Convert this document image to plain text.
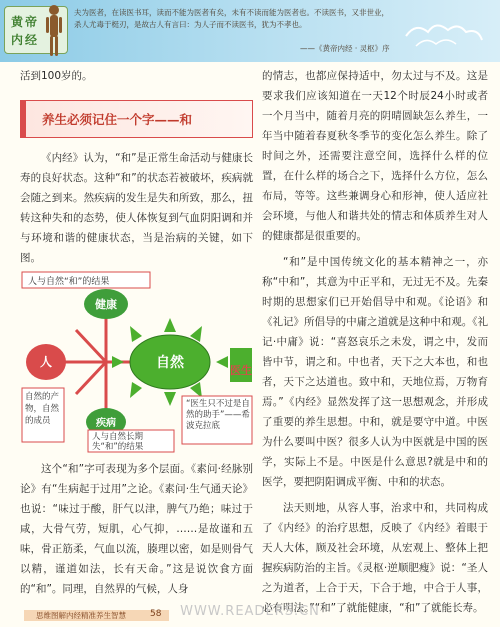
黄帝
内经
夫为医者，在读医书耳，读而不能为医者有矣，未有不读而能为医者也。不读医书，又非世业，杀人尤毒于梃刃，是故古人有言曰：为人子而不读医书，犹为不孝也。
——《黄帝内经 · 灵枢》序

活到100岁的。

养生必须记住一个字——和

《内经》认为，“和”是正常生命活动与健康长寿的良好状态。这种“和”的状态若被破坏，疾病就会随之到来。然疾病的发生是失和所致，那么，扭转这种失和的态势，使人体恢复到气血阴阳调和并与环境和谐的健康状态，当是治病的关键，如下图。

人与自然“和”的结果
健康
人	自然	医生
疾病
自然的产物，自然的成员
“医生只不过是自然的助手”——希波克拉底
人与自然长期失“和”的结果

这个“和”字可表现为多个层面。《素问·经脉别论》有“生病起于过用”之论。《素问·生气通天论》也说：“味过于酸，肝气以津，脾气乃绝；味过于咸，大骨气劳，短肌，心气抑，……是故谨和五味，骨正筋柔，气血以流，腠理以密，如是则骨气以精，谨道如法，长有天命。”这是说饮食方面的“和”。同理，自然界的气候，人身

的情志，也都应保持适中，勿太过与不及。这是要求我们应该知道在一天12个时辰24小时或者一个月当中，随着月亮的阴晴圆缺怎么养生，一年当中随着春夏秋冬季节的变化怎么养生。除了时间之外，还需要注意空间，选择什么样的位置，在什么样的场合之下，选择什么方位，怎么布局，等等。这些兼调身心和形神，使人适应社会环境，与他人和谐共处的情志和体质养生对人的健康都是很重要的。

“和”是中国传统文化的基本精神之一，亦称“中和”，其意为中正平和，无过无不及。先秦时期的思想家们已开始倡导中和观。《论语》和《礼记》所倡导的中庸之道就是这种中和观。《礼记·中庸》说：“喜怒哀乐之未发，谓之中，发而皆中节，谓之和。中也者，天下之大本也，和也者，天下之达道也。致中和，天地位焉，万物育焉。”《内经》显然发挥了这一思想观念，并形成了重要的养生思想。中和，就是要守中道。中医为什么要叫中医？很多人认为中医就是中国的医学，实际上不是。中医是什么意思?就是中和的医学，要把阴阳调成平衡、中和的状态。

法天则地，从容人事，治求中和，共同构成了《内经》的治疗思想，反映了《内经》着眼于天人大体，顾及社会环境，从宏观上、整体上把握疾病防治的主旨。《灵枢·逆顺肥瘦》说：“圣人之为道者，上合于天，下合于地，中合于人事，必有明法。”“和”了就能健康，“和”了就能长寿。

思维图解内经精准养生智慧	58	WWW.READERS.CN
